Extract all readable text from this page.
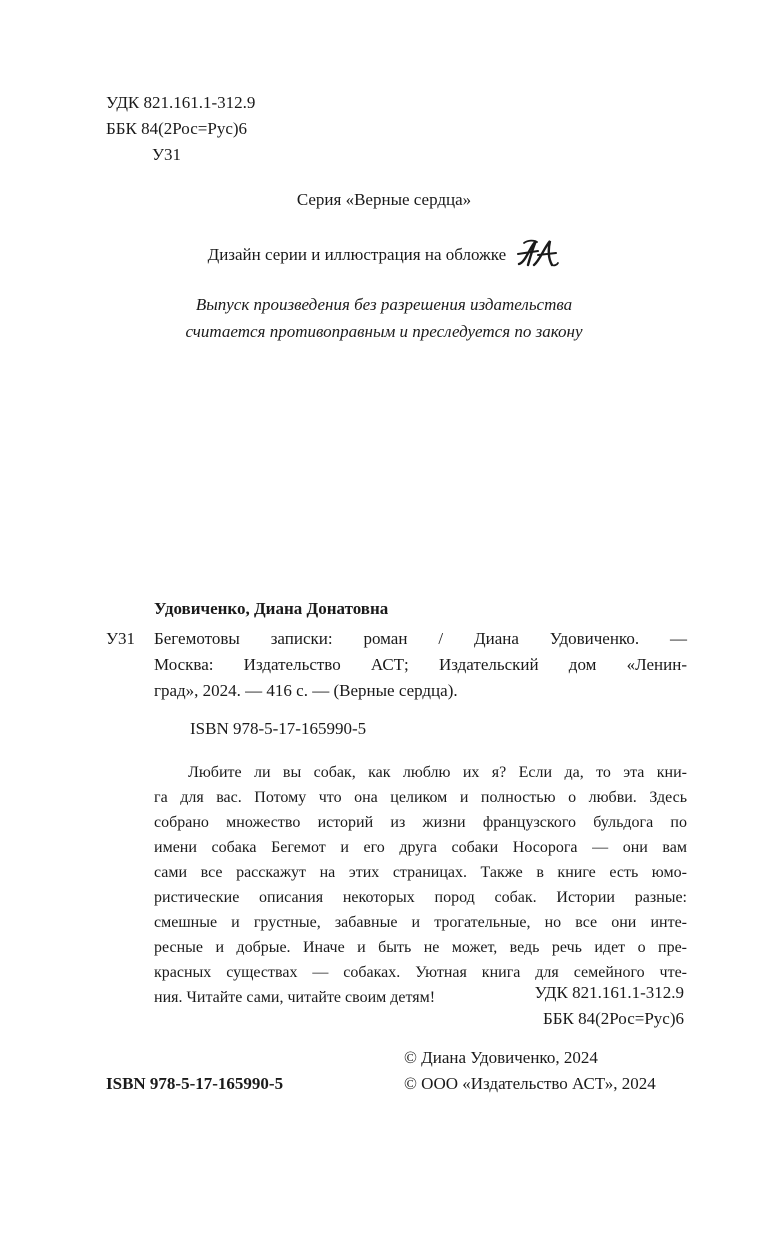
УДК 821.161.1-312.9
ББК 84(2Рос=Рус)6
У31
Серия «Верные сердца»
Дизайн серии и иллюстрация на обложке
Выпуск произведения без разрешения издательства
считается противоправным и преследуется по закону
Удовиченко, Диана Донатовна
У31 Бегемотовы записки: роман / Диана Удовиченко. —
Москва: Издательство АСТ; Издательский дом «Ленин-
град», 2024. — 416 с. — (Верные сердца).
ISBN 978-5-17-165990-5
Любите ли вы собак, как люблю их я? Если да, то эта кни-
га для вас. Потому что она целиком и полностью о любви. Здесь
собрано множество историй из жизни французского бульдога по
имени собака Бегемот и его друга собаки Носорога — они вам
сами все расскажут на этих страницах. Также в книге есть юмо-
ристические описания некоторых пород собак. Истории разные:
смешные и грустные, забавные и трогательные, но все они инте-
ресные и добрые. Иначе и быть не может, ведь речь идет о пре-
красных существах — собаках. Уютная книга для семейного чте-
ния. Читайте сами, читайте своим детям!	УДК 821.161.1-312.9
ББК 84(2Рос=Рус)6
© Диана Удовиченко, 2024
ISBN 978-5-17-165990-5	© ООО «Издательство АСТ», 2024
